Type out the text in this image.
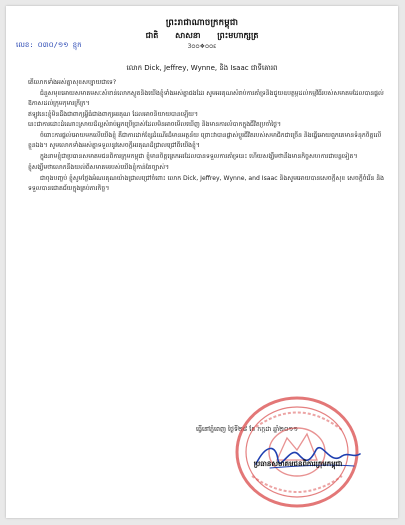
ព្រះរាជាណាចក្រកម្ពុជា
ជាតិ សាសនា ព្រះមហាក្សត្រ
3ᴑᴑ❖ᴑᴑε
លេខ: ០៣០/១១ ខ្មុក
លោក Dick, Jeffrey, Wynne, និង Isaac ជាទីគោរព

តើលោកទាំងអស់គ្នាសុខសប្បាយជាទេ?

ជំនួសមុខអោយសមាគមសៈសំខាន់លោកស្លូតនិងយើងខ្ញុំទាំងអស់គ្នាផងដែរ សូមអរគុណសំរាប់ការគាំទ្រនិងជួយឧបត្ថម្ភដល់កម្មវិធីរបស់សមាគមដែលបានផ្ដល់ឱកាសដល់ក្រុមកុមារក្រីក្រ។

ឥឡូវនេះខ្ញុំមិនដឹងជាពាក្យអ្វីធំជាងពាក្យអរគុណ ដែលអាចនិយាយបានឡើយ។

នេះជាការដោះដំណោះស្រាយដ៏ល្អសំរាប់អ្នកប្រើប្រាស់ដែលមិនអាចមើលឃើញ និងមានការលំបាកក្នុងជីវិតប្រចាំថ្ងៃ។

ចំពោះការផ្ដល់អោយមកលើយើងខ្ញុំ គឺជាការដាក់ខ្សែដំណើរដ៏មានអត្ថន័យ ព្រោះវាបានផ្លាស់ប្ដូរជីវិតរបស់សមាជិកជាច្រើន និងធ្វើអោយពួកគេមានទំនុកចិត្តលើខ្លួនឯង។ សូមលោកទាំងអស់គ្នាទទួលនូវសេចក្ដីអរគុណដ៏ជ្រាលជ្រៅពីយើងខ្ញុំ។

ក្នុងនាមខ្ញុំជាប្រធានសមាគមជនពិការក្រុមកម្ពុជា ខ្ញុំមានចិត្តត្រេកអរដែលបានទទួលការគាំទ្រនេះ ហើយសង្ឃឹមថានឹងមានកិច្ចសហការជាបន្តទៀត។

ខ្ញុំសង្ឃឹមថាលោកនឹងយល់ពីសមាគមរបស់យើងខ្ញុំកាន់តែច្បាស់។

ជាចុងបញ្ចប់ ខ្ញុំសូមថ្លែងអំណរគុណយ៉ាងជ្រាលជ្រៅចំពោះ លោក Dick, Jeffrey, Wynne, and Isaac និងសូមអោយបានសេចក្ដីសុខ សេចក្ដីចំរើន និងទទួលបានជោគជ័យក្នុងគ្រប់ភារកិច្ច។

ធ្វើនៅភ្នំពេញ ថ្ងៃទី២៨ ខែ កក្កដា ឆ្នាំ២០១១
ប្រធានសមាគមជនពិការក្រុមកម្ពុជា
